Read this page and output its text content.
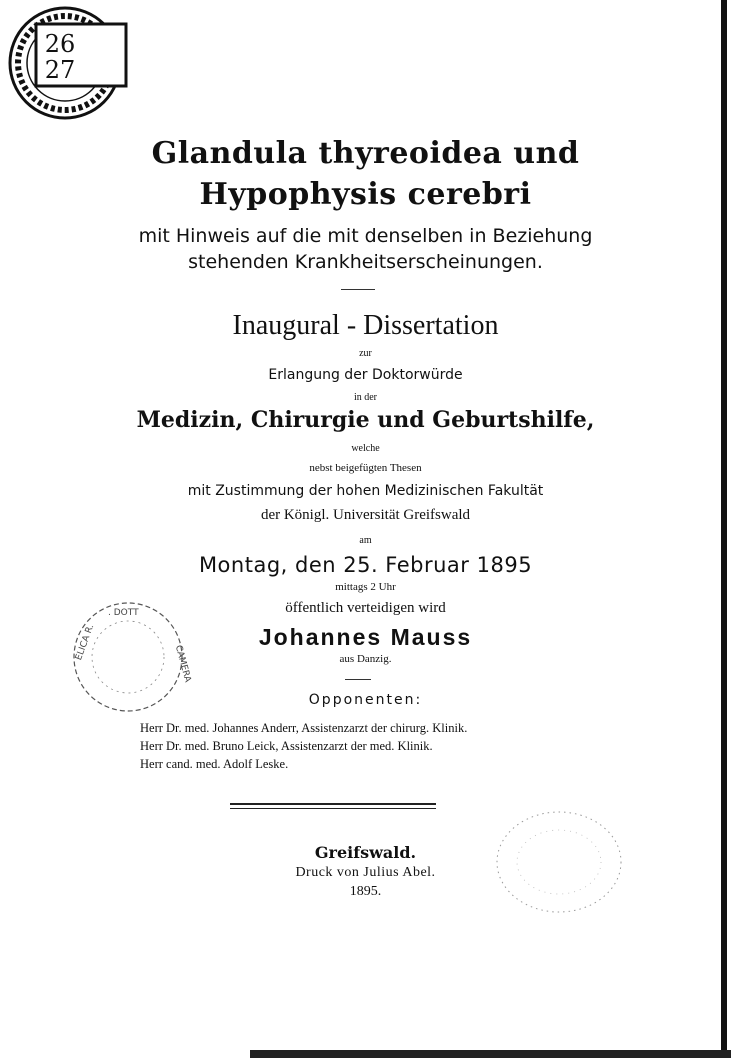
26
27
Glandula thyreoidea und
Hypophysis cerebri
mit Hinweis auf die mit denselben in Beziehung
stehenden Krankheitserscheinungen.
Inaugural - Dissertation
zur
Erlangung der Doktorwürde
in der
Medizin, Chirurgie und Geburtshilfe,
welche
nebst beigefügten Thesen
mit Zustimmung der hohen Medizinischen Fakultät
der Königl. Universität Greifswald
am
Montag, den 25. Februar 1895
mittags 2 Uhr
öffentlich verteidigen wird
Johannes Mauss
aus Danzig.
Opponenten:
Herr Dr. med. Johannes Anderr, Assistenzarzt der chirurg. Klinik.
Herr Dr. med. Bruno Leick, Assistenzarzt der med. Klinik.
Herr cand. med. Adolf Leske.
Greifswald.
Druck von Julius Abel.
1895.
. DOTT
ELICA R.
CAMERA
